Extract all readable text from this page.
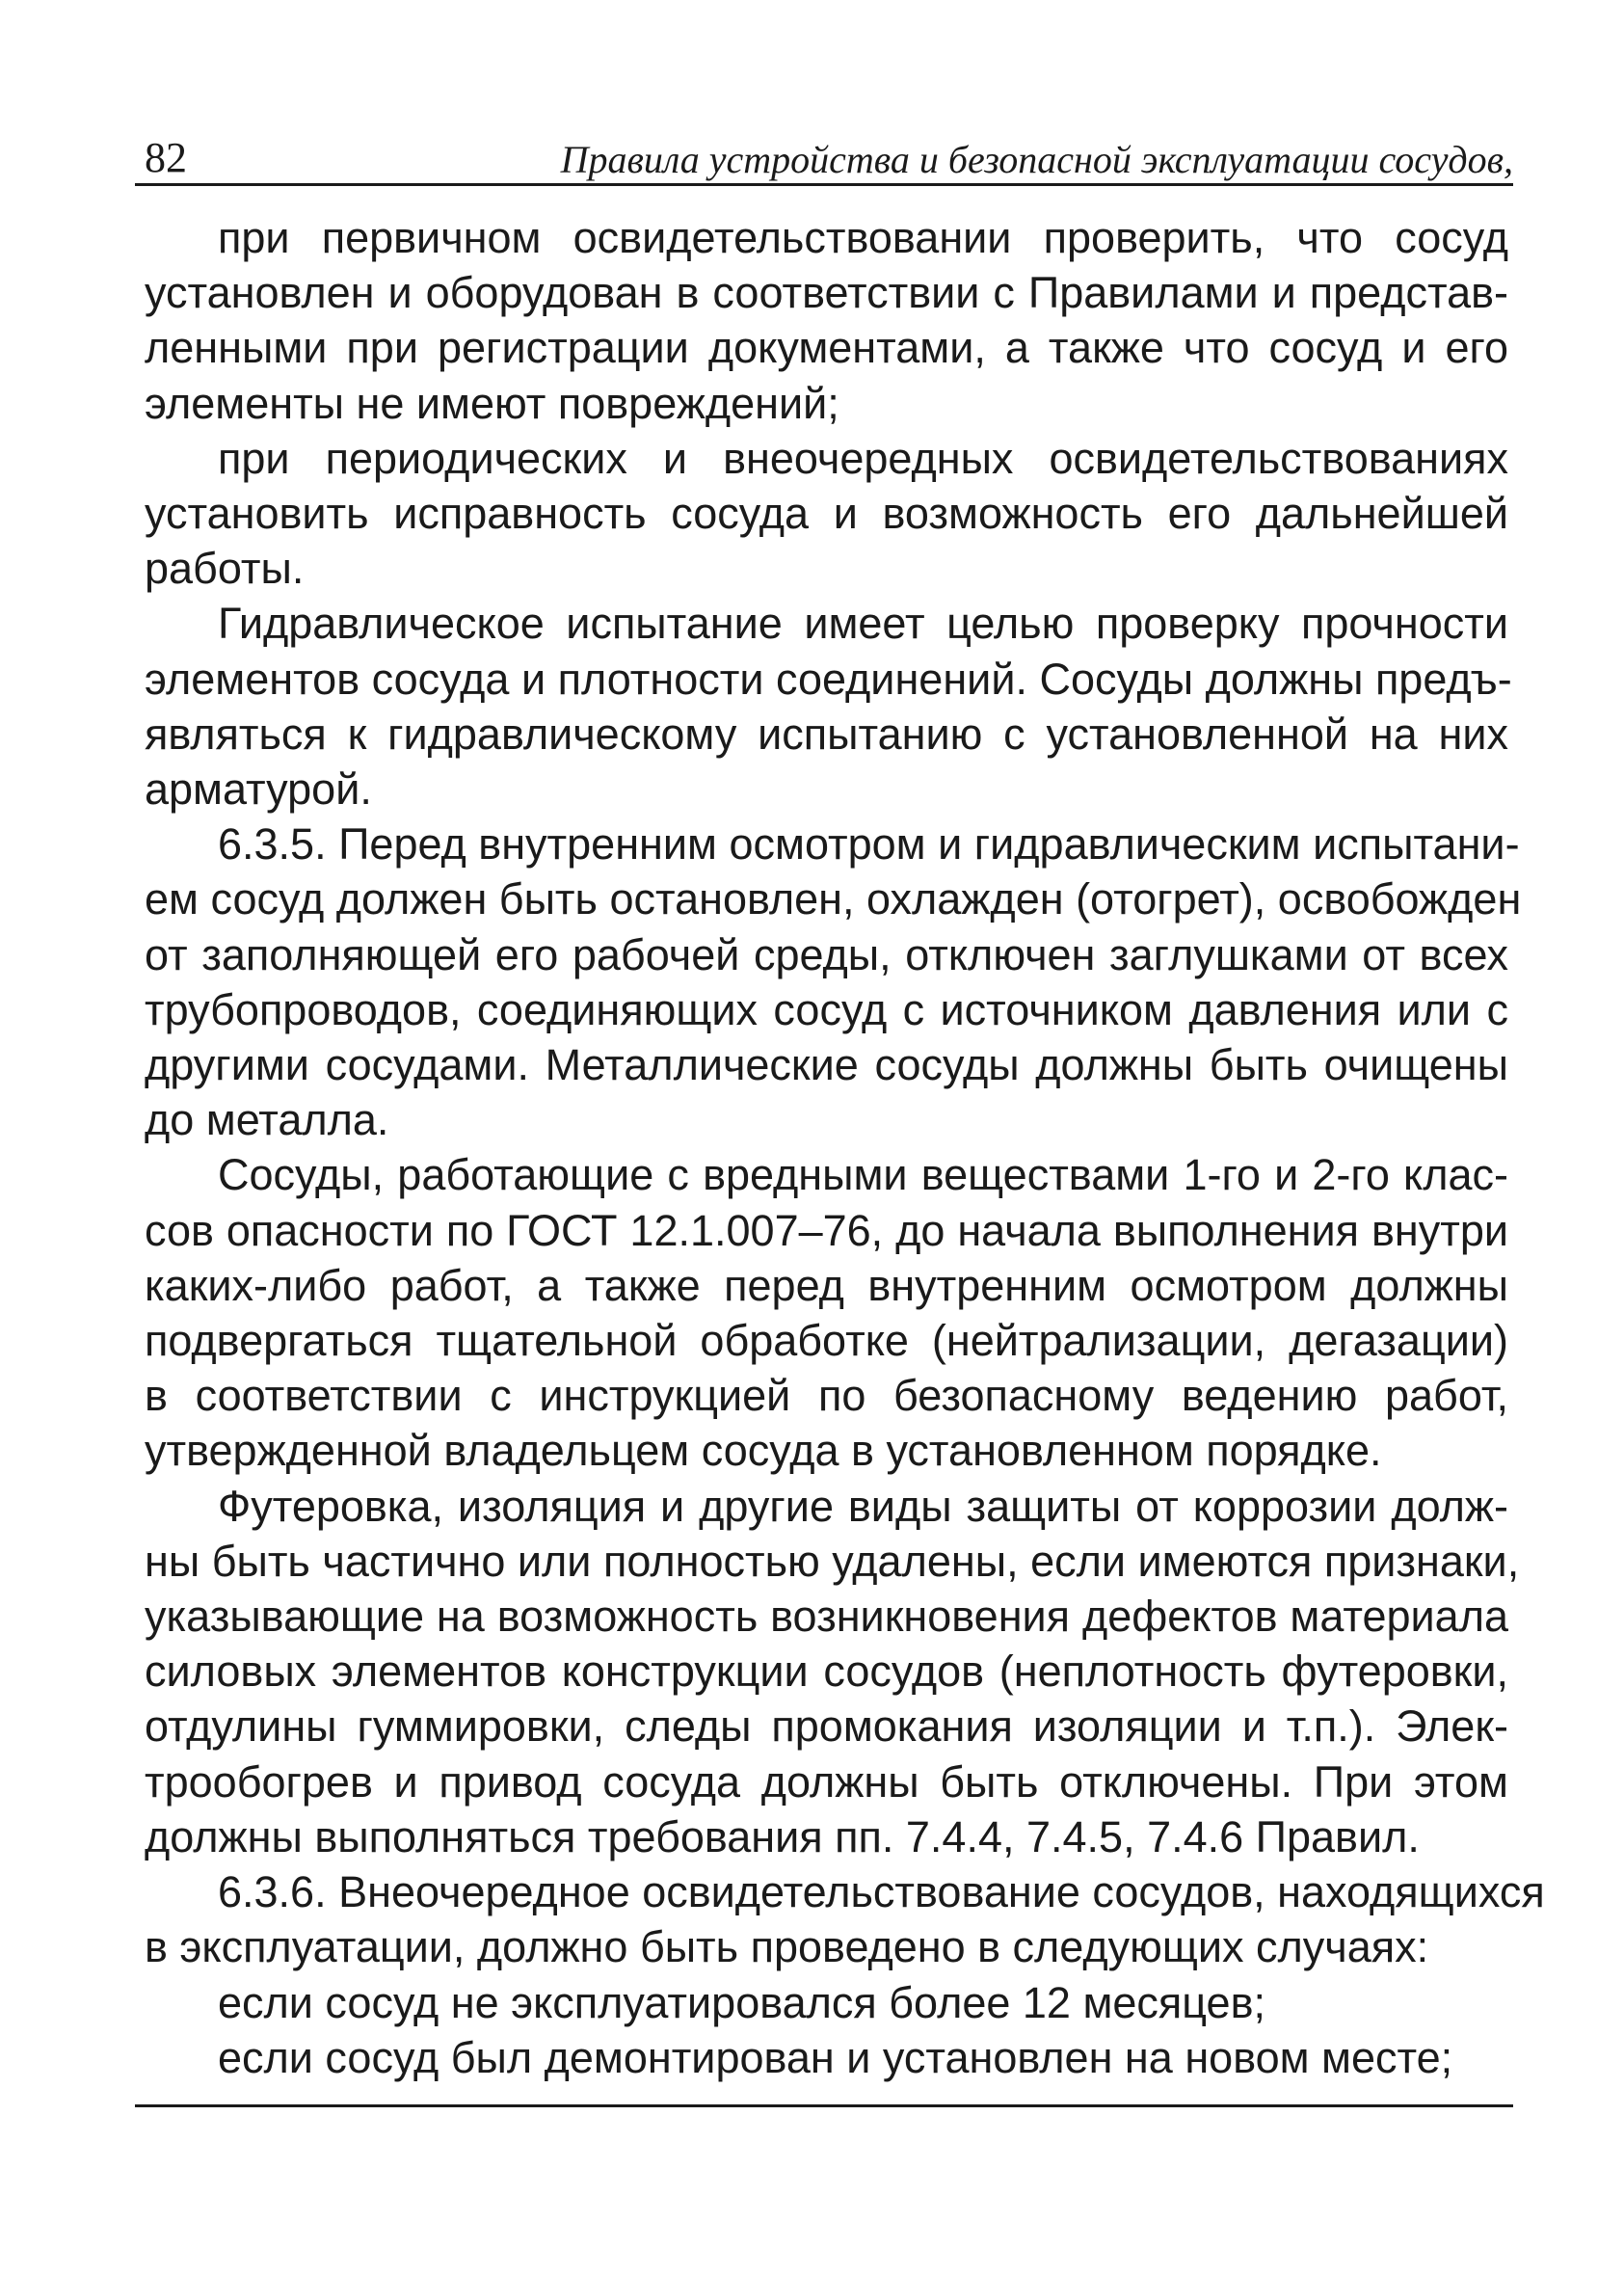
82	Правила устройства и безопасной эксплуатации сосудов,

при первичном освидетельствовании проверить, что сосуд
установлен и оборудован в соответствии с Правилами и представ-
ленными при регистрации документами, а также что сосуд и его
элементы не имеют повреждений;

при периодических и внеочередных освидетельствованиях
установить исправность сосуда и возможность его дальнейшей
работы.

Гидравлическое испытание имеет целью проверку прочности
элементов сосуда и плотности соединений. Сосуды должны предъ-
являться к гидравлическому испытанию с установленной на них
арматурой.

6.3.5. Перед внутренним осмотром и гидравлическим испытани-
ем сосуд должен быть остановлен, охлажден (отогрет), освобожден
от заполняющей его рабочей среды, отключен заглушками от всех
трубопроводов, соединяющих сосуд с источником давления или с
другими сосудами. Металлические сосуды должны быть очищены
до металла.

Сосуды, работающие с вредными веществами 1-го и 2-го клас-
сов опасности по ГОСТ 12.1.007–76, до начала выполнения внутри
каких-либо работ, а также перед внутренним осмотром должны
подвергаться тщательной обработке (нейтрализации, дегазации)
в соответствии с инструкцией по безопасному ведению работ,
утвержденной владельцем сосуда в установленном порядке.

Футеровка, изоляция и другие виды защиты от коррозии долж-
ны быть частично или полностью удалены, если имеются признаки,
указывающие на возможность возникновения дефектов материала
силовых элементов конструкции сосудов (неплотность футеровки,
отдулины гуммировки, следы промокания изоляции и т.п.). Элек-
трообогрев и привод сосуда должны быть отключены. При этом
должны выполняться требования пп. 7.4.4, 7.4.5, 7.4.6 Правил.

6.3.6. Внеочередное освидетельствование сосудов, находящихся
в эксплуатации, должно быть проведено в следующих случаях:

если сосуд не эксплуатировался более 12 месяцев;

если сосуд был демонтирован и установлен на новом месте;
